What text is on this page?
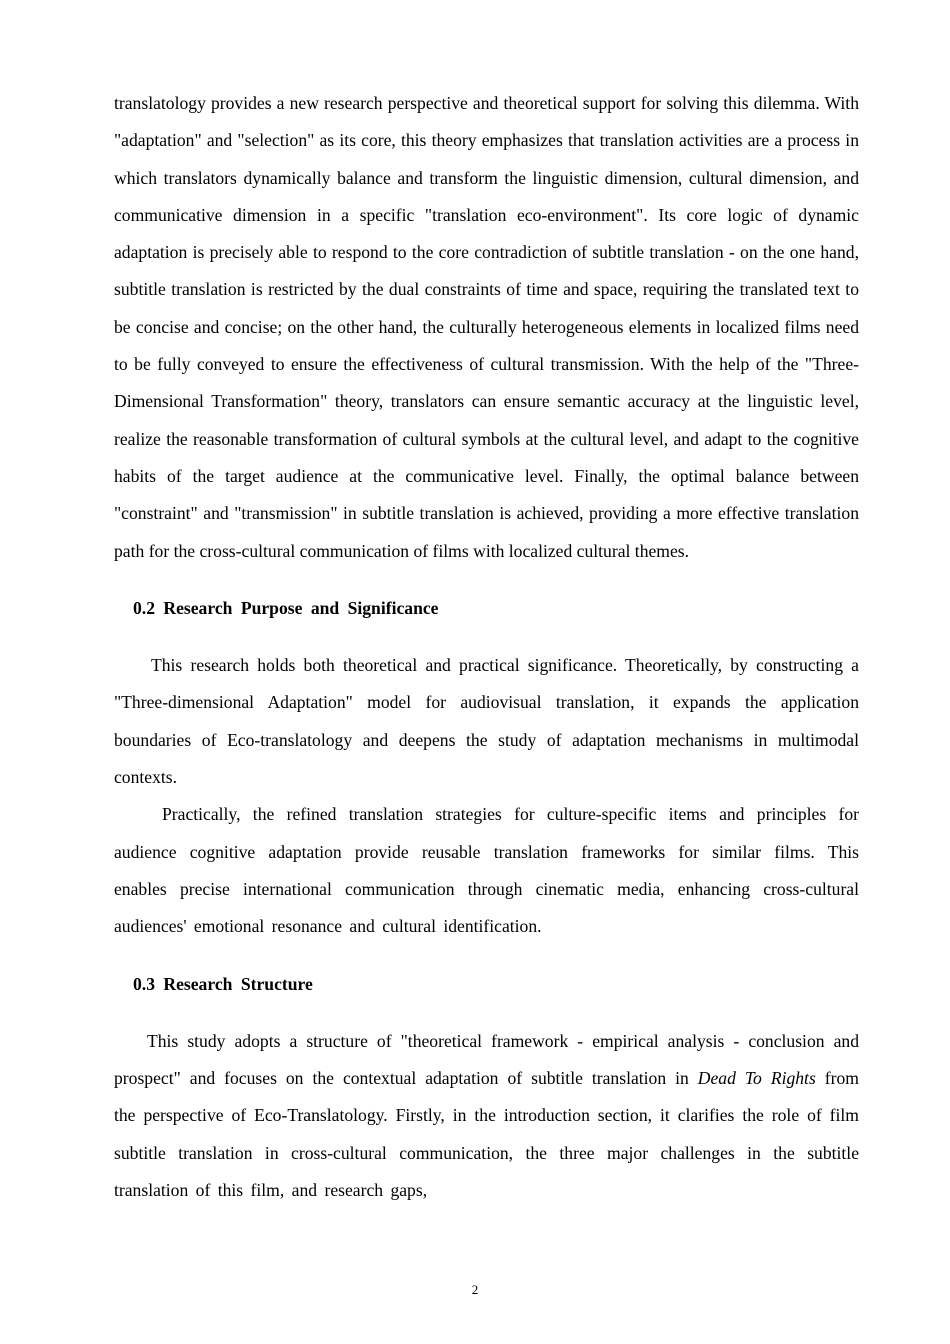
translatology provides a new research perspective and theoretical support for solving this dilemma. With "adaptation" and "selection" as its core, this theory emphasizes that translation activities are a process in which translators dynamically balance and transform the linguistic dimension, cultural dimension, and communicative dimension in a specific "translation eco-environment". Its core logic of dynamic adaptation is precisely able to respond to the core contradiction of subtitle translation - on the one hand, subtitle translation is restricted by the dual constraints of time and space, requiring the translated text to be concise and concise; on the other hand, the culturally heterogeneous elements in localized films need to be fully conveyed to ensure the effectiveness of cultural transmission. With the help of the "Three-Dimensional Transformation" theory, translators can ensure semantic accuracy at the linguistic level, realize the reasonable transformation of cultural symbols at the cultural level, and adapt to the cognitive habits of the target audience at the communicative level. Finally, the optimal balance between "constraint" and "transmission" in subtitle translation is achieved, providing a more effective translation path for the cross-cultural communication of films with localized cultural themes.

0.2 Research Purpose and Significance

This research holds both theoretical and practical significance. Theoretically, by constructing a "Three-dimensional Adaptation" model for audiovisual translation, it expands the application boundaries of Eco-translatology and deepens the study of adaptation mechanisms in multimodal contexts.

Practically, the refined translation strategies for culture-specific items and principles for audience cognitive adaptation provide reusable translation frameworks for similar films. This enables precise international communication through cinematic media, enhancing cross-cultural audiences' emotional resonance and cultural identification.

0.3 Research Structure

This study adopts a structure of "theoretical framework - empirical analysis - conclusion and prospect" and focuses on the contextual adaptation of subtitle translation in Dead To Rights from the perspective of Eco-Translatology. Firstly, in the introduction section, it clarifies the role of film subtitle translation in cross-cultural communication, the three major challenges in the subtitle translation of this film, and research gaps,

2
